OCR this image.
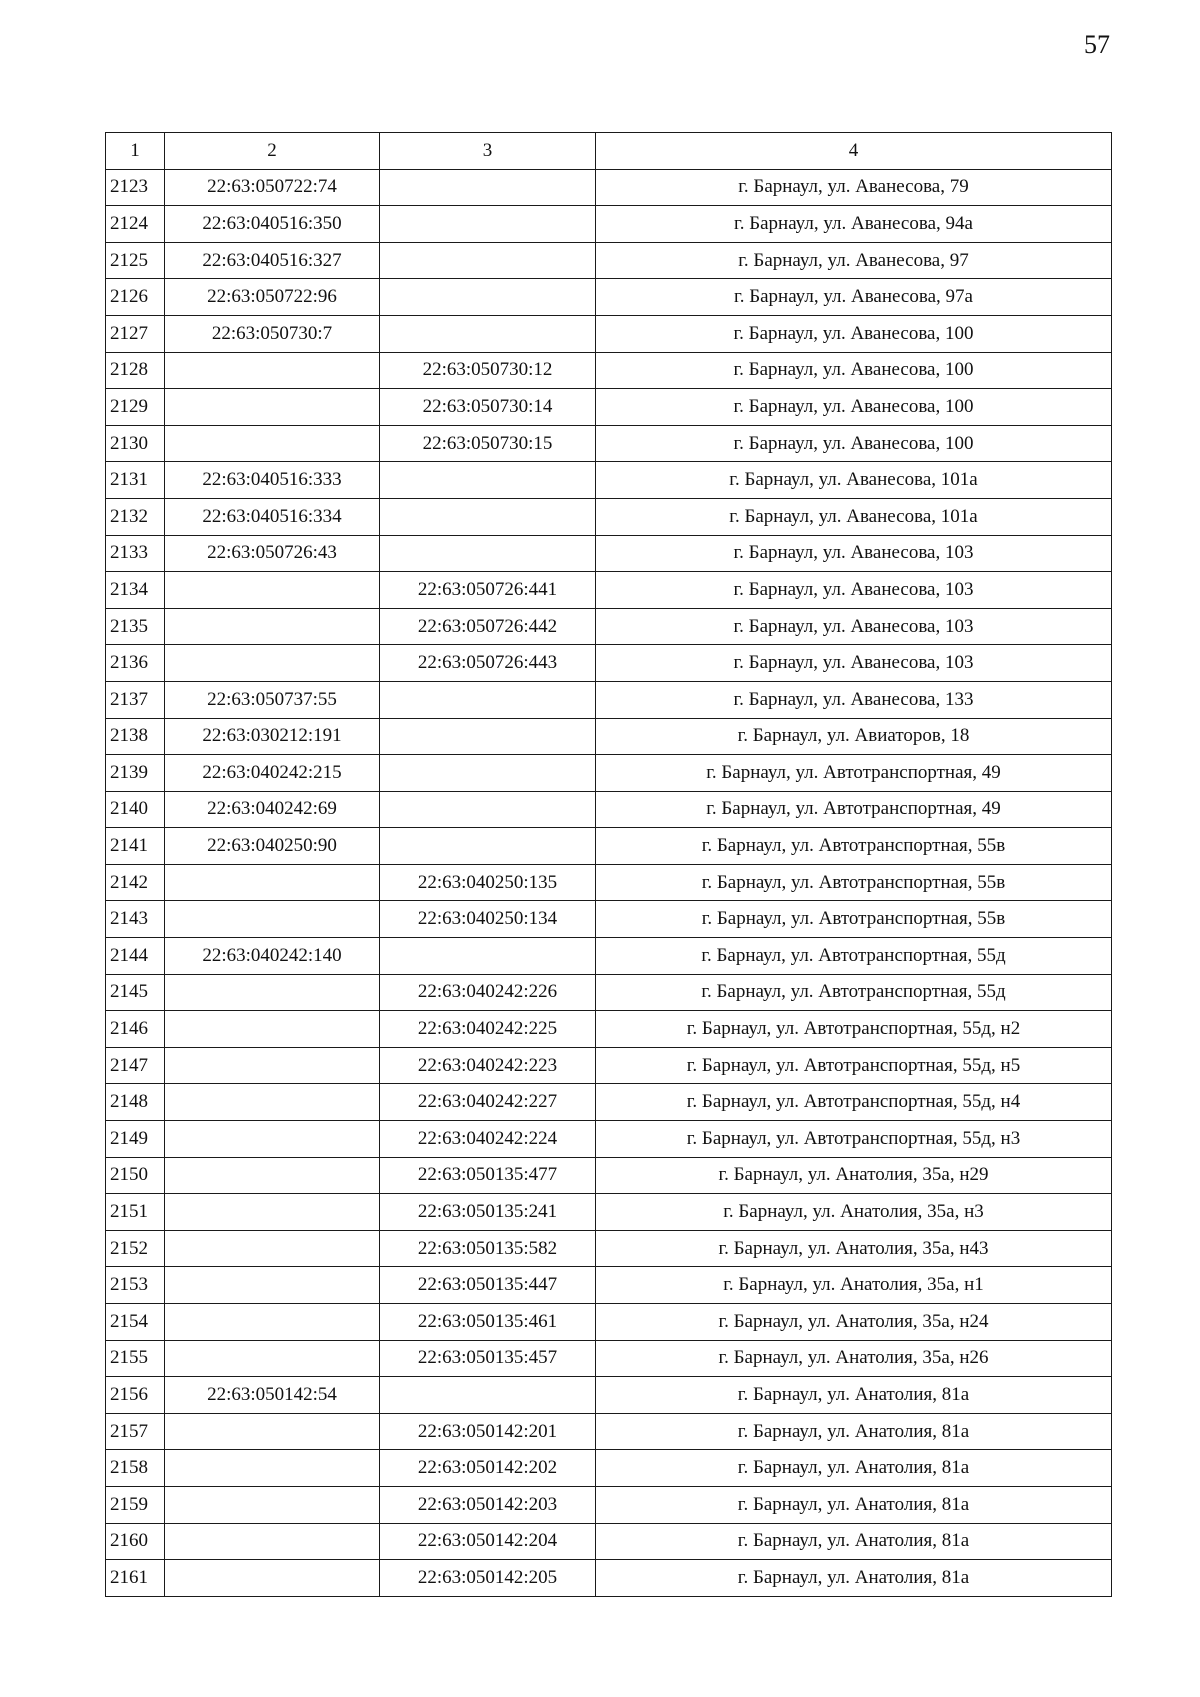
57
1	2	3	4
2123	22:63:050722:74		г. Барнаул, ул. Аванесова, 79
2124	22:63:040516:350		г. Барнаул, ул. Аванесова, 94а
2125	22:63:040516:327		г. Барнаул, ул. Аванесова, 97
2126	22:63:050722:96		г. Барнаул, ул. Аванесова, 97а
2127	22:63:050730:7		г. Барнаул, ул. Аванесова, 100
2128		22:63:050730:12	г. Барнаул, ул. Аванесова, 100
2129		22:63:050730:14	г. Барнаул, ул. Аванесова, 100
2130		22:63:050730:15	г. Барнаул, ул. Аванесова, 100
2131	22:63:040516:333		г. Барнаул, ул. Аванесова, 101а
2132	22:63:040516:334		г. Барнаул, ул. Аванесова, 101а
2133	22:63:050726:43		г. Барнаул, ул. Аванесова, 103
2134		22:63:050726:441	г. Барнаул, ул. Аванесова, 103
2135		22:63:050726:442	г. Барнаул, ул. Аванесова, 103
2136		22:63:050726:443	г. Барнаул, ул. Аванесова, 103
2137	22:63:050737:55		г. Барнаул, ул. Аванесова, 133
2138	22:63:030212:191		г. Барнаул, ул. Авиаторов, 18
2139	22:63:040242:215		г. Барнаул, ул. Автотранспортная, 49
2140	22:63:040242:69		г. Барнаул, ул. Автотранспортная, 49
2141	22:63:040250:90		г. Барнаул, ул. Автотранспортная, 55в
2142		22:63:040250:135	г. Барнаул, ул. Автотранспортная, 55в
2143		22:63:040250:134	г. Барнаул, ул. Автотранспортная, 55в
2144	22:63:040242:140		г. Барнаул, ул. Автотранспортная, 55д
2145		22:63:040242:226	г. Барнаул, ул. Автотранспортная, 55д
2146		22:63:040242:225	г. Барнаул, ул. Автотранспортная, 55д, н2
2147		22:63:040242:223	г. Барнаул, ул. Автотранспортная, 55д, н5
2148		22:63:040242:227	г. Барнаул, ул. Автотранспортная, 55д, н4
2149		22:63:040242:224	г. Барнаул, ул. Автотранспортная, 55д, н3
2150		22:63:050135:477	г. Барнаул, ул. Анатолия, 35а, н29
2151		22:63:050135:241	г. Барнаул, ул. Анатолия, 35а, н3
2152		22:63:050135:582	г. Барнаул, ул. Анатолия, 35а, н43
2153		22:63:050135:447	г. Барнаул, ул. Анатолия, 35а, н1
2154		22:63:050135:461	г. Барнаул, ул. Анатолия, 35а, н24
2155		22:63:050135:457	г. Барнаул, ул. Анатолия, 35а, н26
2156	22:63:050142:54		г. Барнаул, ул. Анатолия, 81а
2157		22:63:050142:201	г. Барнаул, ул. Анатолия, 81а
2158		22:63:050142:202	г. Барнаул, ул. Анатолия, 81а
2159		22:63:050142:203	г. Барнаул, ул. Анатолия, 81а
2160		22:63:050142:204	г. Барнаул, ул. Анатолия, 81а
2161		22:63:050142:205	г. Барнаул, ул. Анатолия, 81а
